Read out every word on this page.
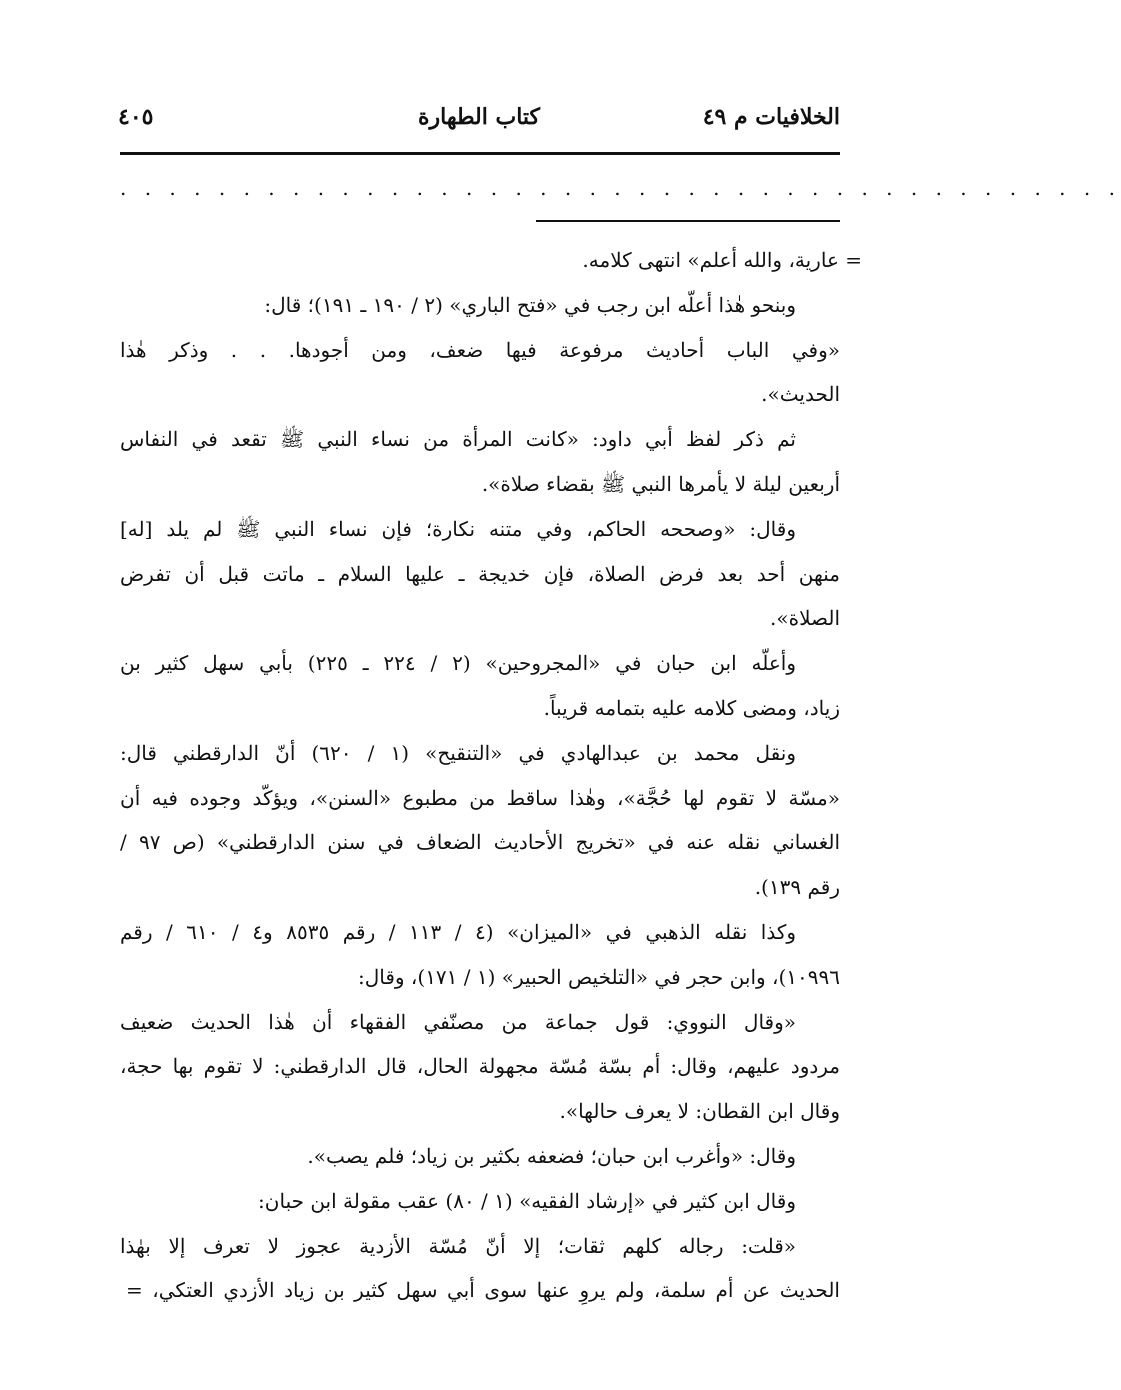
الخلافيات م ٤٩
كتاب الطهارة
٤٠٥
. . . . . . . . . . . . . . . . . . . . . . . . . . . . . . . . . . . . . . . . .
= عارية، والله أعلم» انتهى كلامه.
وبنحو هٰذا أعلّه ابن رجب في «فتح الباري» (٢ / ١٩٠ ـ ١٩١)؛ قال:
«وفي الباب أحاديث مرفوعة فيها ضعف، ومن أجودها. . . وذكر هٰذا
الحديث».
ثم ذكر لفظ أبي داود: «كانت المرأة من نساء النبي ﷺ تقعد في النفاس
أربعين ليلة لا يأمرها النبي ﷺ بقضاء صلاة».
وقال: «وصححه الحاكم، وفي متنه نكارة؛ فإن نساء النبي ﷺ لم يلد [له]
منهن أحد بعد فرض الصلاة، فإن خديجة ـ عليها السلام ـ ماتت قبل أن تفرض
الصلاة».
وأعلّه ابن حبان في «المجروحين» (٢ / ٢٢٤ ـ ٢٢٥) بأبي سهل كثير بن
زياد، ومضى كلامه عليه بتمامه قريباً.
ونقل محمد بن عبدالهادي في «التنقيح» (١ / ٦٢٠) أنّ الدارقطني قال:
«مسّة لا تقوم لها حُجَّة»، وهٰذا ساقط من مطبوع «السنن»، ويؤكّد وجوده فيه أن
الغساني نقله عنه في «تخريج الأحاديث الضعاف في سنن الدارقطني» (ص ٩٧ /
رقم ١٣٩).
وكذا نقله الذهبي في «الميزان» (٤ / ١١٣ / رقم ٨٥٣٥ و٤ / ٦١٠ / رقم
١٠٩٩٦)، وابن حجر في «التلخيص الحبير» (١ / ١٧١)، وقال:
«وقال النووي: قول جماعة من مصنّفي الفقهاء أن هٰذا الحديث ضعيف
مردود عليهم، وقال: أم بسّة مُسّة مجهولة الحال، قال الدارقطني: لا تقوم بها حجة،
وقال ابن القطان: لا يعرف حالها».
وقال: «وأغرب ابن حبان؛ فضعفه بكثير بن زياد؛ فلم يصب».
وقال ابن كثير في «إرشاد الفقيه» (١ / ٨٠) عقب مقولة ابن حبان:
«قلت: رجاله كلهم ثقات؛ إلا أنّ مُسّة الأزدية عجوز لا تعرف إلا بهٰذا
الحديث عن أم سلمة، ولم يروِ عنها سوى أبي سهل كثير بن زياد الأزدي العتكي، =
